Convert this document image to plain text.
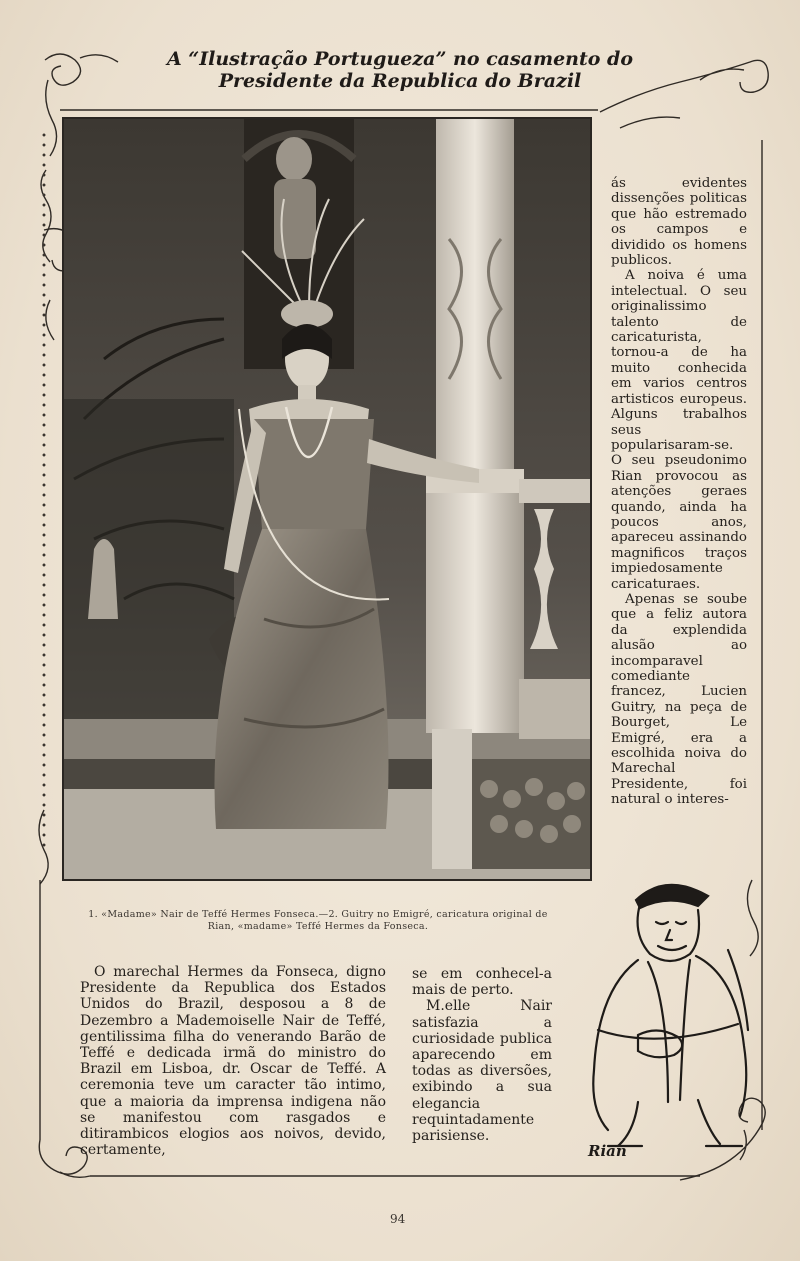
A “Ilustração Portugueza” no casamento do
Presidente da Republica do Brazil

ás evidentes dissenções politicas que hão estremado os campos e dividido os homens publicos.

A noiva é uma intelectual. O seu originalissimo talento de caricaturista, tornou-a de ha muito conhecida em varios centros artisticos europeus. Alguns trabalhos seus popularisaram-se. O seu pseudonimo Rian provocou as atenções geraes quando, ainda ha poucos anos, apareceu assinando magnificos traços impiedosamente caricaturaes.

Apenas se soube que a feliz autora da explendida alusão ao incomparavel comediante francez, Lucien Guitry, na peça de Bourget, Le Emigré, era a escolhida noiva do Marechal Presidente, foi natural o interes-

1. «Madame» Nair de Teffé Hermes Fonseca.—2. Guitry no Emigré, caricatura original de Rian, «madame» Teffé Hermes da Fonseca.

O marechal Hermes da Fonseca, digno Presidente da Republica dos Estados Unidos do Brazil, desposou a 8 de Dezembro a Mademoiselle Nair de Teffé, gentilissima filha do venerando Barão de Teffé e dedicada irmã do ministro do Brazil em Lisboa, dr. Oscar de Teffé. A ceremonia teve um caracter tão intimo, que a maioria da imprensa indigena não se manifestou com rasgados e ditirambicos elogios aos noivos, devido, certamente,

se em conhecel-a mais de perto.

M.elle Nair satisfazia a curiosidade publica aparecendo em todas as diversões, exibindo a sua elegancia requintadamente parisiense.

Rian
94
